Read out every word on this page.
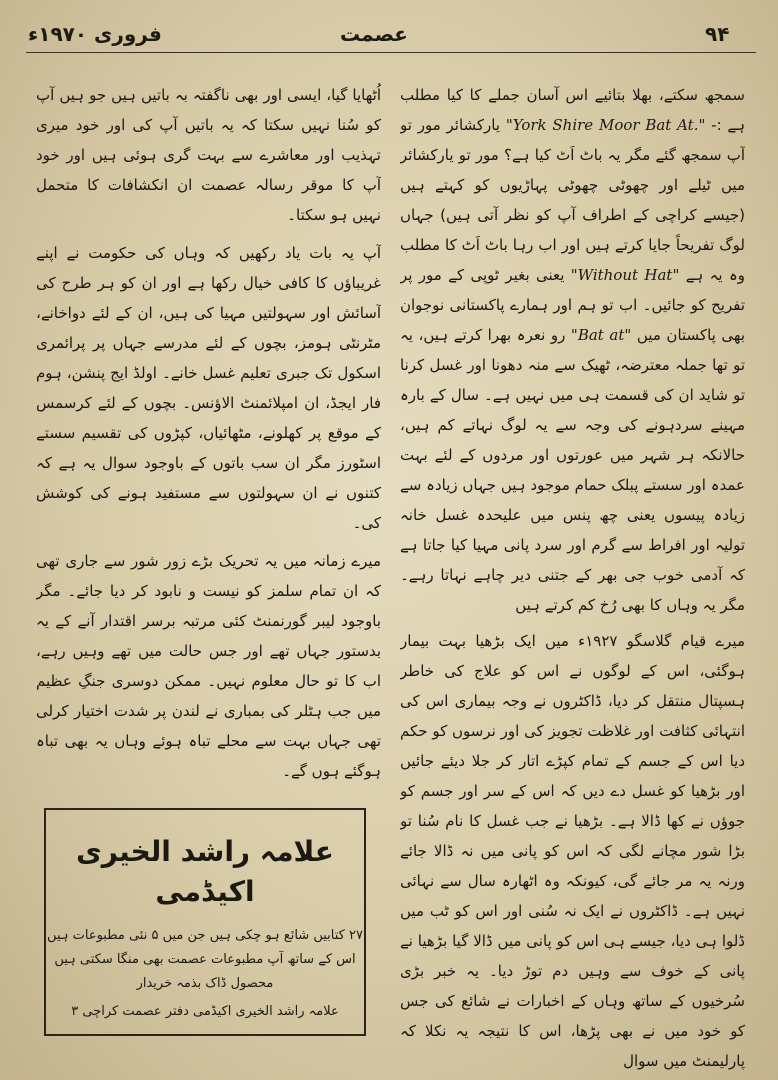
فروری ۱۹۷۰ء	عصمت	۹۴

سمجھ سکتے، بھلا بتائیے اس آسان جملے کا کیا مطلب ہے :- "York Shire Moor Bat At." یارکشائر مور تو آپ سمجھ گئے مگر یہ باٹ اَٹ کیا ہے؟ مور تو یارکشائر میں ٹیلے اور چھوٹی چھوٹی پہاڑیوں کو کہتے ہیں (جیسے کراچی کے اطراف آپ کو نظر آتی ہیں) جہاں لوگ تفریحاً جایا کرتے ہیں اور اب رہا باٹ اَٹ کا مطلب وہ یہ ہے "Without Hat" یعنی بغیر ٹوپی کے مور پر تفریح کو جائیں۔ اب تو ہم اور ہمارے پاکستانی نوجوان بھی پاکستان میں "Bat at" رو نعرہ بھرا کرتے ہیں، یہ تو تھا جملہ معترضہ، ٹھیک سے منہ دھونا اور غسل کرنا تو شاید ان کی قسمت ہی میں نہیں ہے۔ سال کے بارہ مہینے سردہونے کی وجہ سے یہ لوگ نہاتے کم ہیں، حالانکہ ہر شہر میں عورتوں اور مردوں کے لئے بہت عمدہ اور سستے پبلک حمام موجود ہیں جہاں زیادہ سے زیادہ پیسوں یعنی چھ پنس میں علیحدہ غسل خانہ تولیہ اور افراط سے گرم اور سرد پانی مہیا کیا جاتا ہے کہ آدمی خوب جی بھر کے جتنی دیر چاہے نہاتا رہے۔ مگر یہ وہاں کا بھی رُخ کم کرتے ہیں

میرے قیام گلاسگو ۱۹۲۷ء میں ایک بڑھیا بہت بیمار ہوگئی، اس کے لوگوں نے اس کو علاج کی خاطر ہسپتال منتقل کر دیا، ڈاکٹروں نے وجہ بیماری اس کی انتہائی کثافت اور غلاظت تجویز کی اور نرسوں کو حکم دیا اس کے جسم کے تمام کپڑے اتار کر جلا دیئے جائیں اور بڑھیا کو غسل دے دیں کہ اس کے سر اور جسم کو جوؤں نے کھا ڈالا ہے۔ بڑھیا نے جب غسل کا نام سُنا تو بڑا شور مچانے لگی کہ اس کو پانی میں نہ ڈالا جائے ورنہ یہ مر جائے گی، کیونکہ وہ اٹھارہ سال سے نہائی نہیں ہے۔ ڈاکٹروں نے ایک نہ سُنی اور اس کو ٹب میں ڈلوا ہی دیا، جیسے ہی اس کو پانی میں ڈالا گیا بڑھیا نے پانی کے خوف سے وہیں دم توڑ دیا۔ یہ خبر بڑی سُرخیوں کے ساتھ وہاں کے اخبارات نے شائع کی جس کو خود میں نے بھی پڑھا، اس کا نتیجہ یہ نکلا کہ پارلیمنٹ میں سوال

اُٹھایا گیا، ایسی اور بھی ناگفتہ بہ باتیں ہیں جو ہیں آپ کو سُنا نہیں سکتا کہ یہ باتیں آپ کی اور خود میری تہذیب اور معاشرے سے بہت گری ہوئی ہیں اور خود آپ کا موقر رسالہ عصمت ان انکشافات کا متحمل نہیں ہو سکتا۔

آپ یہ بات یاد رکھیں کہ وہاں کی حکومت نے اپنے غریباؤں کا کافی خیال رکھا ہے اور ان کو ہر طرح کی آسائش اور سہولتیں مہیا کی ہیں، ان کے لئے دواخانے، مٹرنٹی ہومز، بچوں کے لئے مدرسے جہاں پر پرائمری اسکول تک جبری تعلیم غسل خانے۔ اولڈ ایج پنشن، ہوم فار ایجڈ، ان امپلائمنٹ الاؤنس۔ بچوں کے لئے کرسمس کے موقع پر کھلونے، مٹھائیاں، کپڑوں کی تقسیم سستے اسٹورز مگر ان سب باتوں کے باوجود سوال یہ ہے کہ کتنوں نے ان سہولتوں سے مستفید ہونے کی کوشش کی۔

میرے زمانہ میں یہ تحریک بڑے زور شور سے جاری تھی کہ ان تمام سلمز کو نیست و نابود کر دیا جائے۔ مگر باوجود لیبر گورنمنٹ کئی مرتبہ برسر اقتدار آنے کے یہ بدستور جہاں تھے اور جس حالت میں تھے وہیں رہے، اب کا تو حال معلوم نہیں۔ ممکن دوسری جنگِ عظیم میں جب ہٹلر کی بمباری نے لندن پر شدت اختیار کرلی تھی جہاں بہت سے محلے تباہ ہوئے وہاں یہ بھی تباہ ہوگئے ہوں گے۔

علامہ راشد الخیری اکیڈمی
۲۷ کتابیں شائع ہو چکی ہیں جن میں ۵ نئی مطبوعات ہیں
اس کے ساتھ آپ مطبوعات عصمت بھی منگا سکتی ہیں
محصول ڈاک بذمہ خریدار
علامہ راشد الخیری اکیڈمی دفتر عصمت کراچی ۳
